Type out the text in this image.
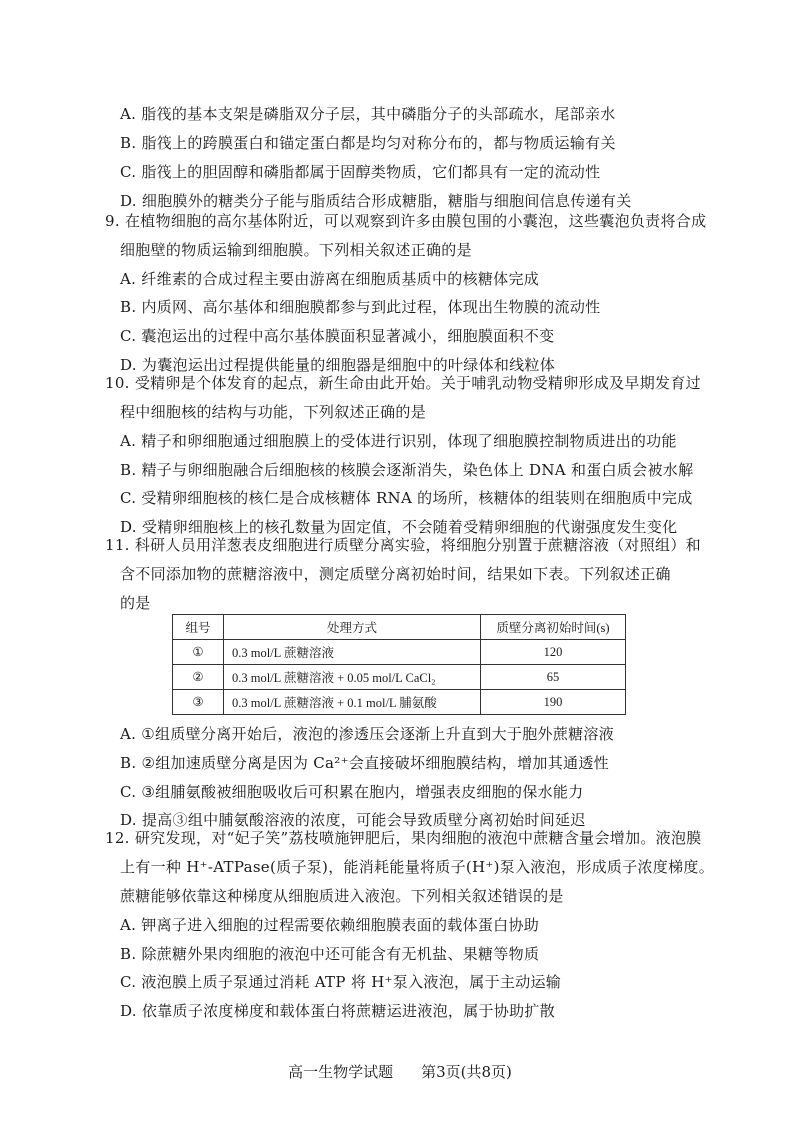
A. 脂筏的基本支架是磷脂双分子层，其中磷脂分子的头部疏水，尾部亲水
B. 脂筏上的跨膜蛋白和锚定蛋白都是均匀对称分布的，都与物质运输有关
C. 脂筏上的胆固醇和磷脂都属于固醇类物质，它们都具有一定的流动性
D. 细胞膜外的糖类分子能与脂质结合形成糖脂，糖脂与细胞间信息传递有关
9. 在植物细胞的高尔基体附近，可以观察到许多由膜包围的小囊泡，这些囊泡负责将合成
细胞壁的物质运输到细胞膜。下列相关叙述正确的是
A. 纤维素的合成过程主要由游离在细胞质基质中的核糖体完成
B. 内质网、高尔基体和细胞膜都参与到此过程，体现出生物膜的流动性
C. 囊泡运出的过程中高尔基体膜面积显著减小，细胞膜面积不变
D. 为囊泡运出过程提供能量的细胞器是细胞中的叶绿体和线粒体
10. 受精卵是个体发育的起点，新生命由此开始。关于哺乳动物受精卵形成及早期发育过
程中细胞核的结构与功能，下列叙述正确的是
A. 精子和卵细胞通过细胞膜上的受体进行识别，体现了细胞膜控制物质进出的功能
B. 精子与卵细胞融合后细胞核的核膜会逐渐消失，染色体上 DNA 和蛋白质会被水解
C. 受精卵细胞核的核仁是合成核糖体 RNA 的场所，核糖体的组装则在细胞质中完成
D. 受精卵细胞核上的核孔数量为固定值，不会随着受精卵细胞的代谢强度发生变化
11. 科研人员用洋葱表皮细胞进行质壁分离实验，将细胞分别置于蔗糖溶液（对照组）和
含不同添加物的蔗糖溶液中，测定质壁分离初始时间，结果如下表。下列叙述正确
的是
组号	处理方式	质壁分离初始时间(s)
①	0.3 mol/L 蔗糖溶液	120
②	0.3 mol/L 蔗糖溶液 + 0.05 mol/L CaCl₂	65
③	0.3 mol/L 蔗糖溶液 + 0.1 mol/L 脯氨酸	190
A. ①组质壁分离开始后，液泡的渗透压会逐渐上升直到大于胞外蔗糖溶液
B. ②组加速质壁分离是因为 Ca²⁺会直接破坏细胞膜结构，增加其通透性
C. ③组脯氨酸被细胞吸收后可积累在胞内，增强表皮细胞的保水能力
D. 提高③组中脯氨酸溶液的浓度，可能会导致质壁分离初始时间延迟
12. 研究发现，对“妃子笑”荔枝喷施钾肥后，果肉细胞的液泡中蔗糖含量会增加。液泡膜
上有一种 H⁺-ATPase(质子泵)，能消耗能量将质子(H⁺)泵入液泡，形成质子浓度梯度。
蔗糖能够依靠这种梯度从细胞质进入液泡。下列相关叙述错误的是
A. 钾离子进入细胞的过程需要依赖细胞膜表面的载体蛋白协助
B. 除蔗糖外果肉细胞的液泡中还可能含有无机盐、果糖等物质
C. 液泡膜上质子泵通过消耗 ATP 将 H⁺泵入液泡，属于主动运输
D. 依靠质子浓度梯度和载体蛋白将蔗糖运进液泡，属于协助扩散
高一生物学试题 第3页(共8页)
